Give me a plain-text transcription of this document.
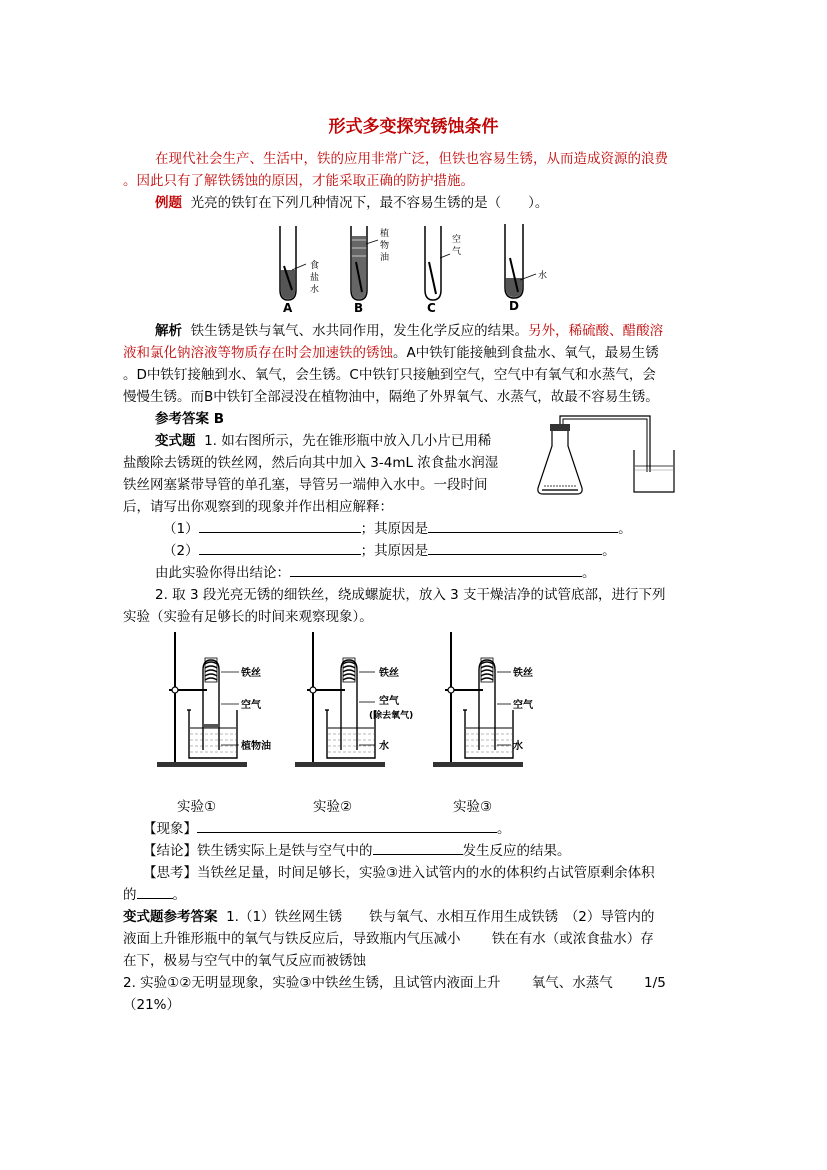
形式多变探究锈蚀条件
在现代社会生产、生活中，铁的应用非常广泛，但铁也容易生锈，从而造成资源的浪费
。因此只有了解铁锈蚀的原因，才能采取正确的防护措施。
例题 光亮的铁钉在下列几种情况下，最不容易生锈的是（　　）。
食 盐 水
A
植 物 油
B
空 气
C
水
D
解析 铁生锈是铁与氧气、水共同作用，发生化学反应的结果。另外，稀硫酸、醋酸溶
液和氯化钠溶液等物质存在时会加速铁的锈蚀。A中铁钉能接触到食盐水、氧气，最易生锈
。D中铁钉接触到水、氧气，会生锈。C中铁钉只接触到空气，空气中有氧气和水蒸气，会
慢慢生锈。而B中铁钉全部浸没在植物油中，隔绝了外界氧气、水蒸气，故最不容易生锈。
参考答案 B
变式题 1. 如右图所示，先在锥形瓶中放入几小片已用稀
盐酸除去锈斑的铁丝网，然后向其中加入 3-4mL 浓食盐水润湿
铁丝网塞紧带导管的单孔塞，导管另一端伸入水中。一段时间
后，请写出你观察到的现象并作出相应解释：
（1）	；其原因是	。
（2）	；其原因是	。
由此实验你得出结论：	。
2. 取 3 段光亮无锈的细铁丝，绕成螺旋状，放入 3 支干燥洁净的试管底部，进行下列
实验（实验有足够长的时间来观察现象）。
铁丝
空气
植物油
铁丝
空气
(除去氧气)
水
铁丝
空气
水
实验①	实验②	实验③
【现象】	。
【结论】铁生锈实际上是铁与空气中的	发生反应的结果。
【思考】当铁丝足量，时间足够长，实验③进入试管内的水的体积约占试管原剩余体积
的	。
变式题参考答案 1.（1）铁丝网生锈　　铁与氧气、水相互作用生成铁锈　（2）导管内的
液面上升锥形瓶中的氧气与铁反应后，导致瓶内气压减小　　 铁在有水（或浓食盐水）存
在下，极易与空气中的氧气反应而被锈蚀
2. 实验①②无明显现象，实验③中铁丝生锈，且试管内液面上升　　 氧气、水蒸气　　 1/5
（21%）
